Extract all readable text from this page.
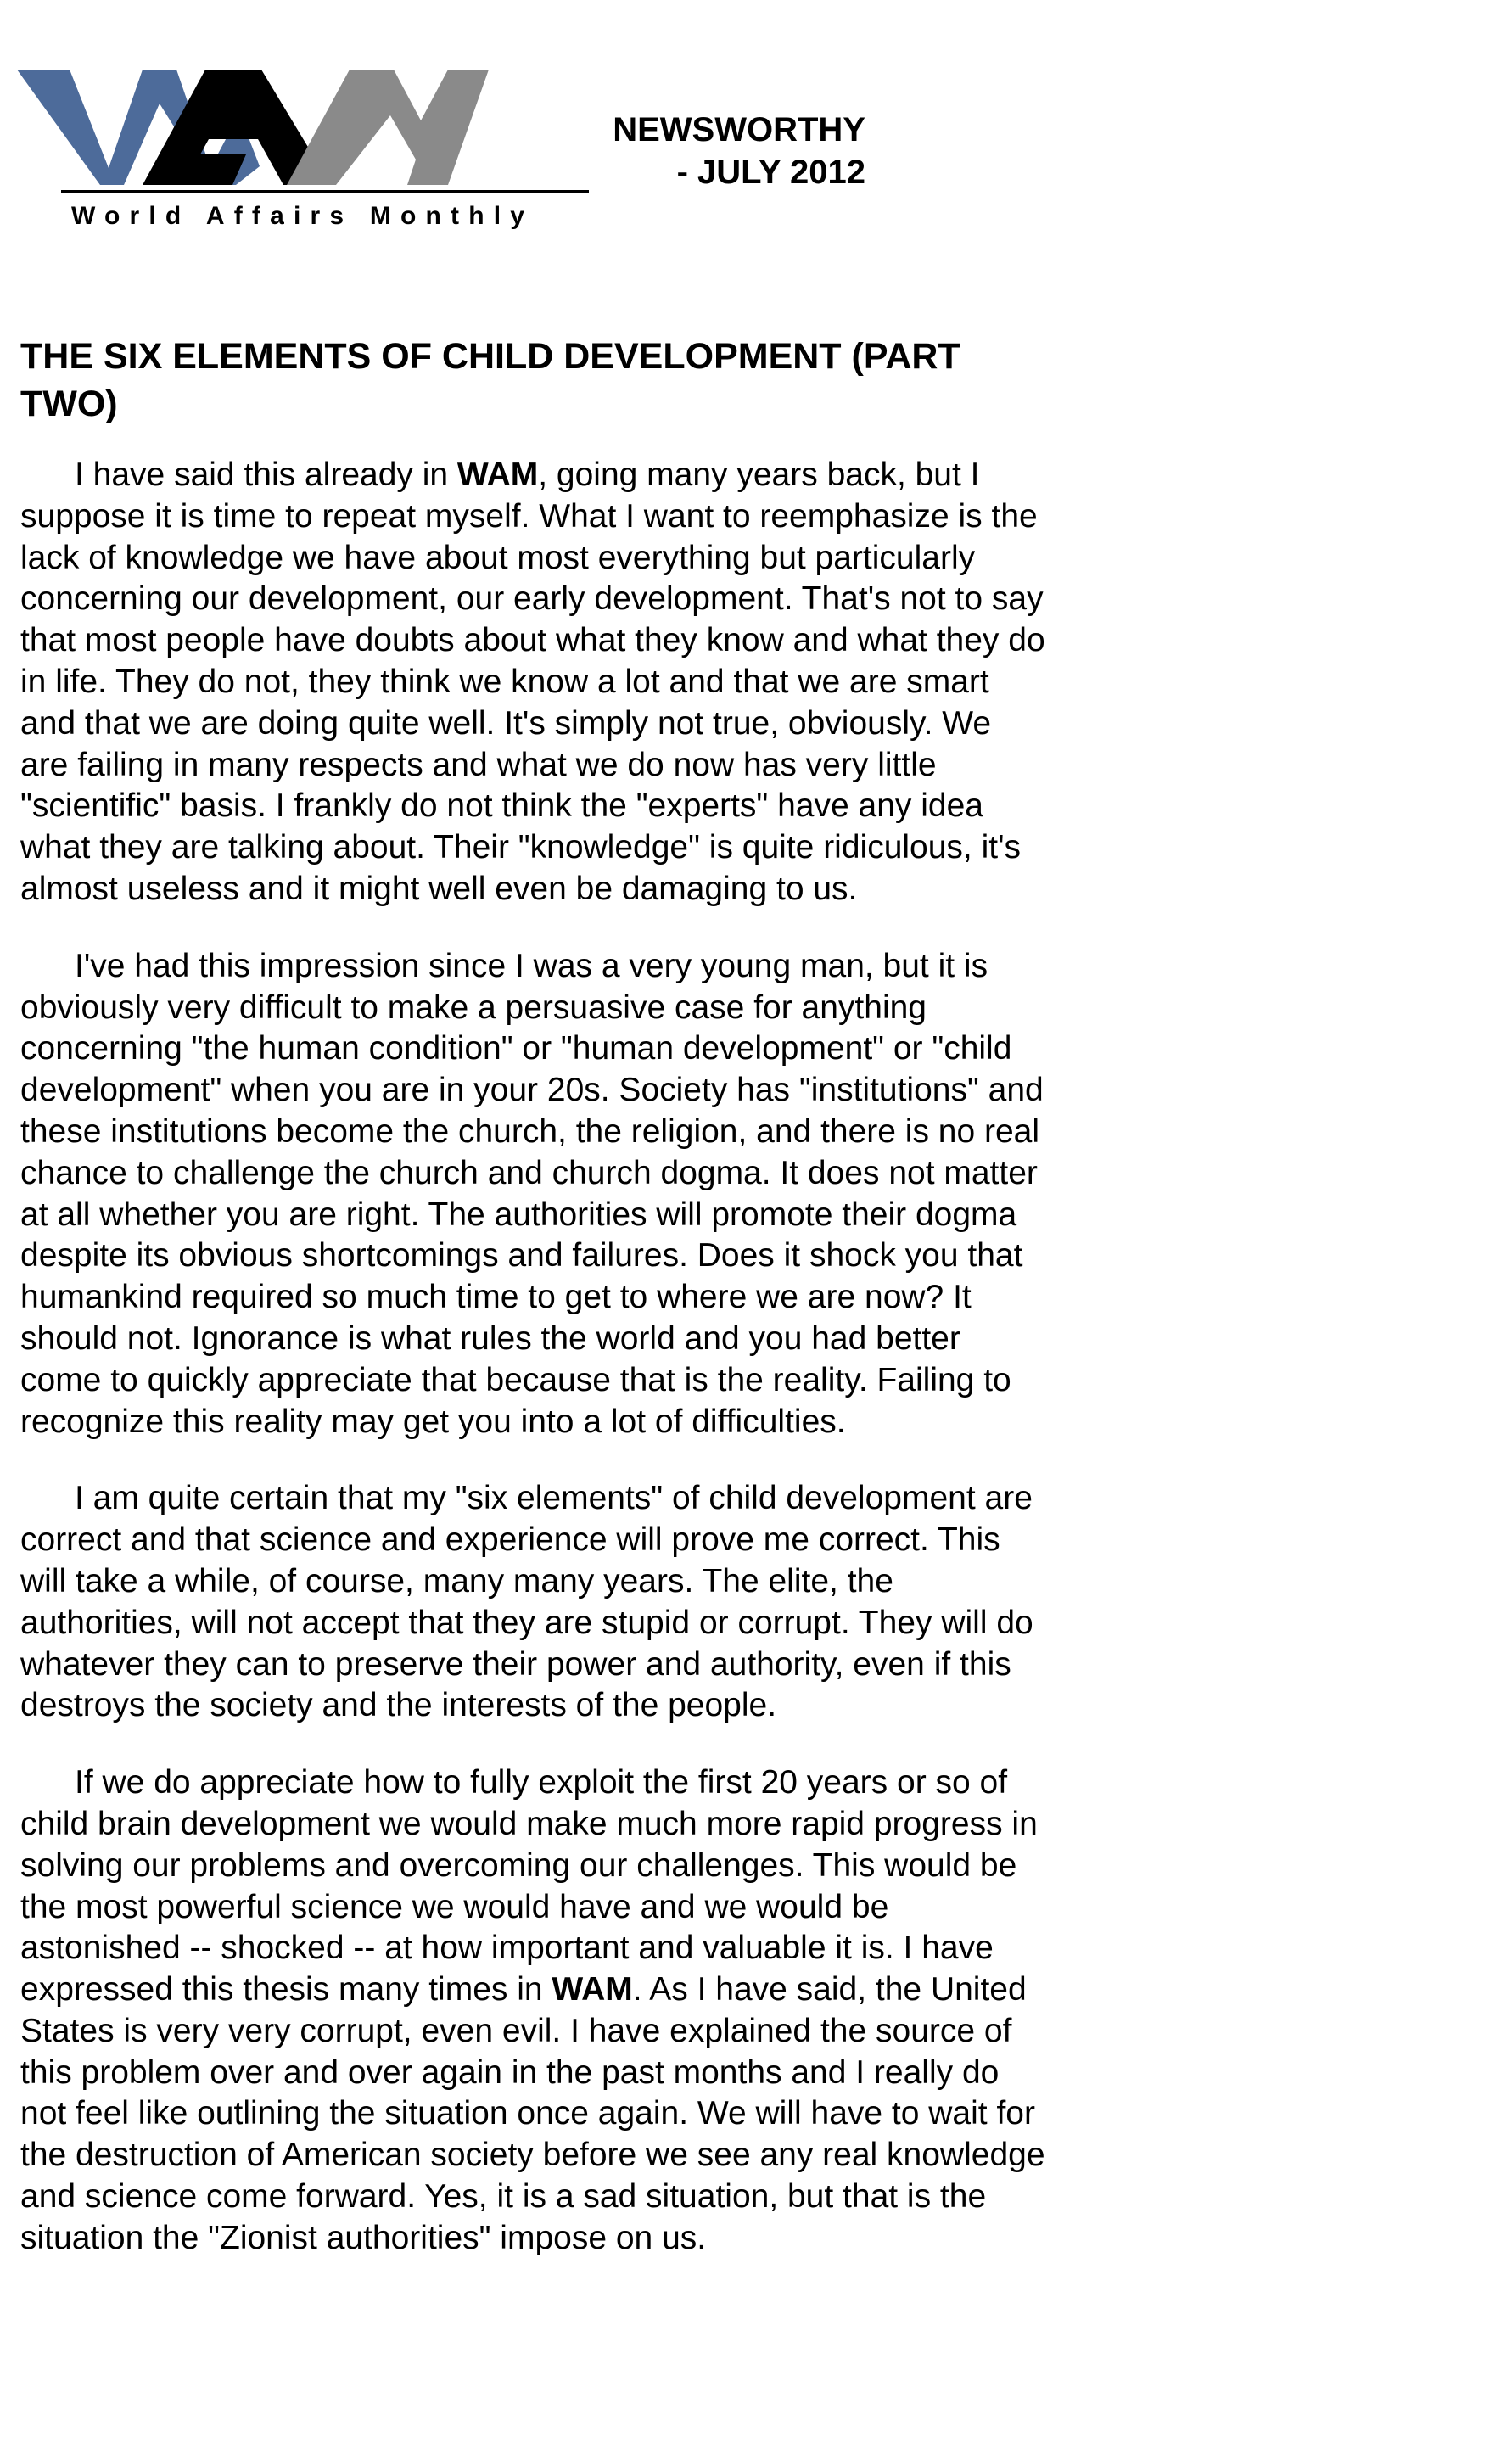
World Affairs Monthly
NEWSWORTHY
- JULY 2012
THE SIX ELEMENTS OF CHILD DEVELOPMENT (PART TWO)

I have said this already in WAM, going many years back, but I suppose it is time to repeat myself. What I want to reemphasize is the lack of knowledge we have about most everything but particularly concerning our development, our early development. That's not to say that most people have doubts about what they know and what they do in life. They do not, they think we know a lot and that we are smart and that we are doing quite well. It's simply not true, obviously. We are failing in many respects and what we do now has very little "scientific" basis. I frankly do not think the "experts" have any idea what they are talking about. Their "knowledge" is quite ridiculous, it's almost useless and it might well even be damaging to us.

I've had this impression since I was a very young man, but it is obviously very difficult to make a persuasive case for anything concerning "the human condition" or "human development" or "child development" when you are in your 20s. Society has "institutions" and these institutions become the church, the religion, and there is no real chance to challenge the church and church dogma. It does not matter at all whether you are right. The authorities will promote their dogma despite its obvious shortcomings and failures. Does it shock you that humankind required so much time to get to where we are now? It should not. Ignorance is what rules the world and you had better come to quickly appreciate that because that is the reality. Failing to recognize this reality may get you into a lot of difficulties.

I am quite certain that my "six elements" of child development are correct and that science and experience will prove me correct. This will take a while, of course, many many years. The elite, the authorities, will not accept that they are stupid or corrupt. They will do whatever they can to preserve their power and authority, even if this destroys the society and the interests of the people.

If we do appreciate how to fully exploit the first 20 years or so of child brain development we would make much more rapid progress in solving our problems and overcoming our challenges. This would be the most powerful science we would have and we would be astonished -- shocked -- at how important and valuable it is. I have expressed this thesis many times in WAM. As I have said, the United States is very very corrupt, even evil. I have explained the source of this problem over and over again in the past months and I really do not feel like outlining the situation once again. We will have to wait for the destruction of American society before we see any real knowledge and science come forward. Yes, it is a sad situation, but that is the situation the "Zionist authorities" impose on us.
